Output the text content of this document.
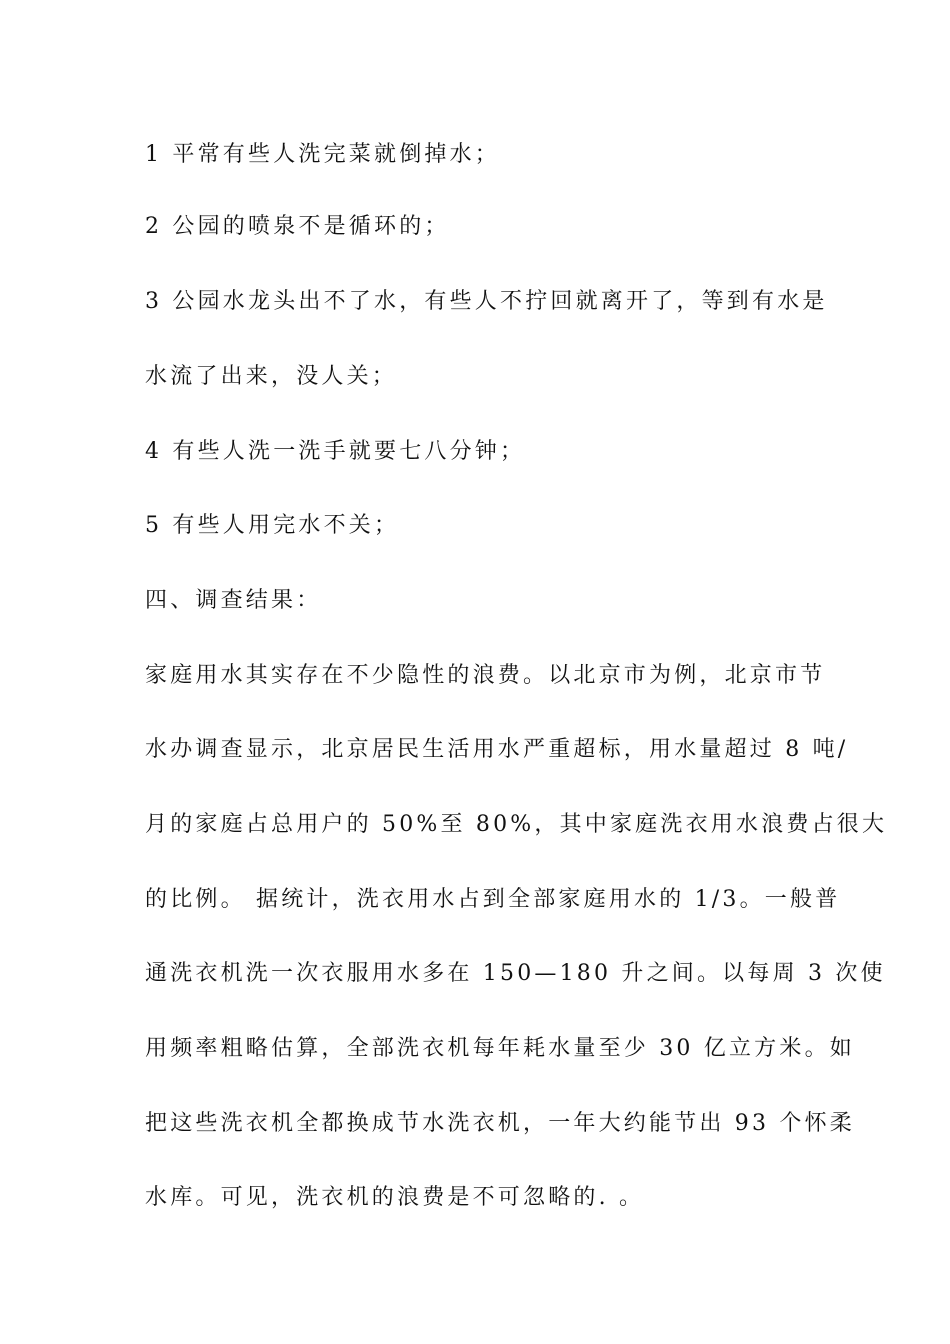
1 平常有些人洗完菜就倒掉水；
2 公园的喷泉不是循环的；
3 公园水龙头出不了水，有些人不拧回就离开了，等到有水是
水流了出来，没人关；
4 有些人洗一洗手就要七八分钟；
5 有些人用完水不关；
四、调查结果：
家庭用水其实存在不少隐性的浪费。以北京市为例，北京市节
水办调查显示，北京居民生活用水严重超标，用水量超过 8 吨/
月的家庭占总用户的 50%至 80%，其中家庭洗衣用水浪费占很大
的比例。 据统计，洗衣用水占到全部家庭用水的 1/3。一般普
通洗衣机洗一次衣服用水多在 150—180 升之间。以每周 3 次使
用频率粗略估算，全部洗衣机每年耗水量至少 30 亿立方米。如
把这些洗衣机全都换成节水洗衣机，一年大约能节出 93 个怀柔
水库。可见，洗衣机的浪费是不可忽略的. 。
